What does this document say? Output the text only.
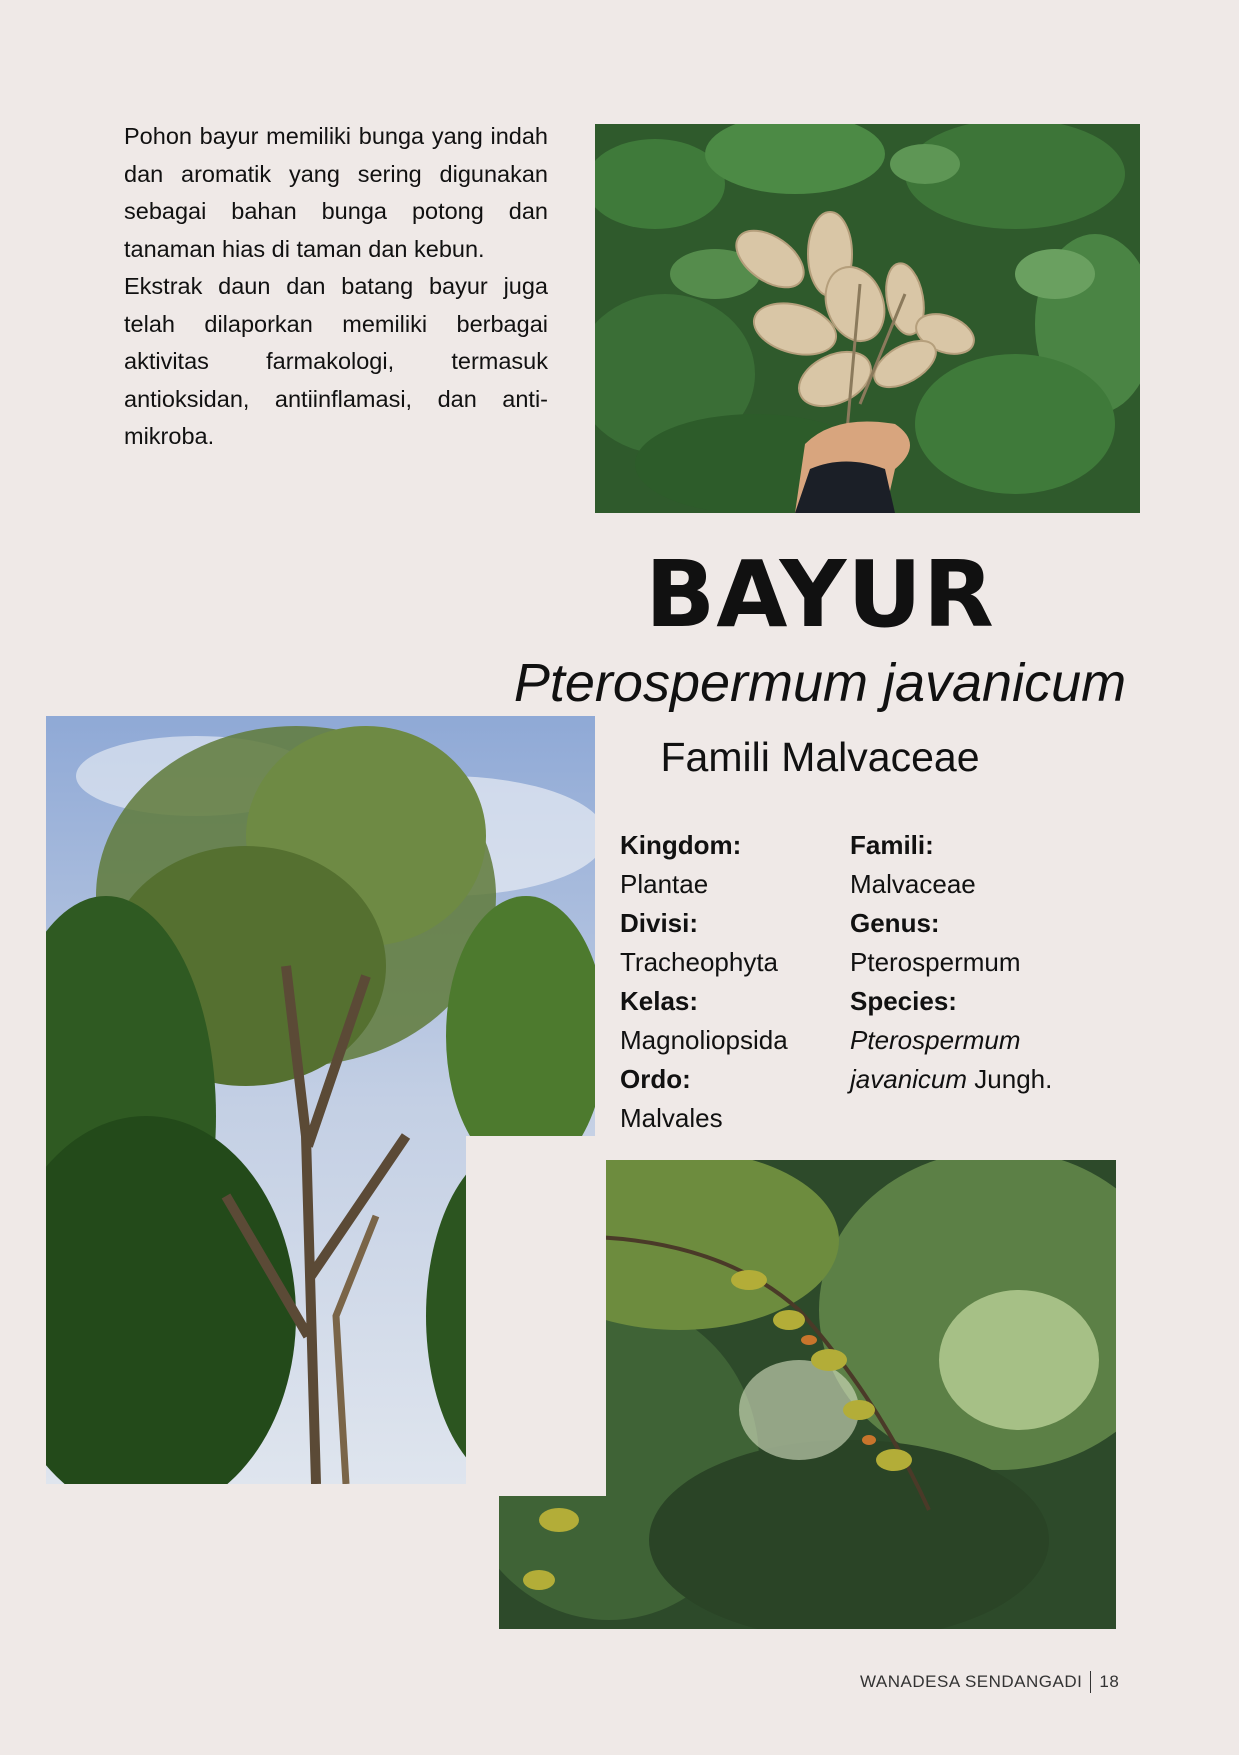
Pohon bayur memiliki bunga yang indah dan aromatik yang sering digunakan sebagai bahan bunga potong dan tanaman hias di taman dan kebun.

Ekstrak daun dan batang bayur juga telah dilaporkan memiliki berbagai aktivitas farmakologi, termasuk antioksidan, antiinflamasi, dan anti-mikroba.

BAYUR
Pterospermum javanicum
Famili Malvaceae
Kingdom:
Plantae
Divisi:
Tracheophyta
Kelas:
Magnoliopsida
Ordo:
Malvales
Famili:
Malvaceae
Genus:
Pterospermum
Species:
Pterospermum
javanicum Jungh.
WANADESA SENDANGADI 18
